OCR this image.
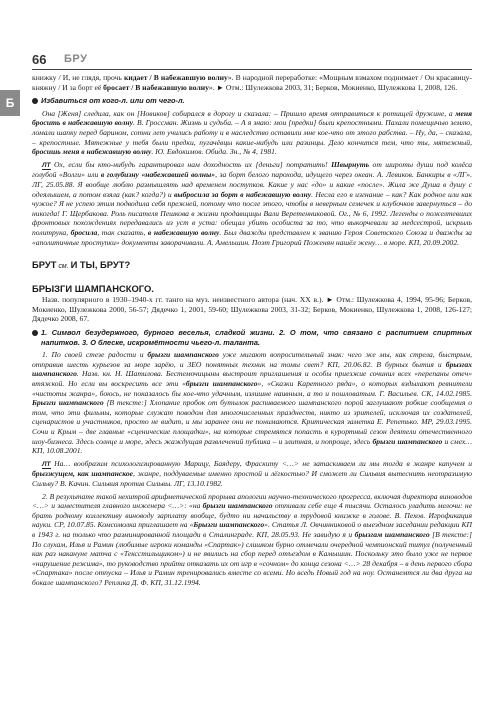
66 БРУ
Б

книжку / И, не глядя, прочь кидает / В набежавшую волну». В народной переработке: «Мощным взмахом поднимает / Он красавицу-княжну / И за борт её бросает / В набежавшую волну». ► Отм.: Шулежкова 2003, 31; Берков, Мокиенко, Шулежкова 1, 2008, 126.

Избавиться от кого-л. или от чего-л.

Она [Женя] следила, как он [Новиков] собирался в дорогу и сказала: – Пришло время отправиться к ротищей дружине, а меня бросить в набежавшую волну. В. Гроссман. Жизнь и судьба. – А я знаю: мои [предки] были крепостными. Пахали помещичью землю, ломали шапку перед барином, сотни лет учились работу и в наследство оставили мне кое-что от этого рабства. – Ну, да, – сказала, – крепостные. Мятежные у тебя были предки, пугачёвцы какие-нибудь или разинцы. Дело кончится тем, что ты, мятежный, бросишь меня в набежавшую волну. Ю. Евдокимов. Обида. Зн., № 4, 1981.

ЛТ Ох, если бы кто-нибудь гарантировал нам доходность их [деньги] потратить! Швырнуть от широты души под колёса голубой «Волги» или в голубизну «набежавшей волны», за борт белого парохода, идущего через океан. А. Левиков. Банкиры в «ЛГ». ЛГ, 25.05.88. Я вообще люблю размышлять над временем поступков. Какие у нас «до» и какие «после». Жила же Душа в душу с одеялышем, а потом взяла (как? когда?) и выбросила за борт в набежавшую волну. Несла его в изгнание – как? Как родное или как чужое? Я не успею этим подводила себя прежней, потому что после этого, чтобы в неверным семечек и клубочков завернуться – до никогда! Г. Щербакова. Роль писателя Пешкова в жизни продавщицы Вали Веретенниковой. Ог., № 6, 1992. Легенды о пожелтевших фронтовых похождениях передавались из уст в уста: обещал убить особиста за то, что выкорчевали за медсестрой, искрыль политрука, бросила, так сказать, в набежавшую волну. Был дважды представлен к званию Героя Советского Союза и дважды за «аполитичные проступки» документы заворачивали. А. Амельшин. Поэт Григорий Поженян нашёл жену… в море. КП, 20.09.2002.

БРУТ см. И ТЫ, БРУТ?
БРЫЗГИ ШАМПАНСКОГО.

Назв. популярного в 1930–1940-х гг. танго на муз. неизвестного автора (нач. XX в.). ► Отм.: Шулежкова 4, 1994, 95-96; Берков, Мокиенко, Шулежкова 2000, 56-57; Дядечко 1, 2001, 59-60; Шулежкова 2003, 31-32; Берков, Мокиенко, Шулежкова 1, 2008, 126-127; Дядечко 2008, 67.

1. Символ безудержного, бурного веселья, сладкой жизни. 2. О том, что связано с распитием спиртных напитков. 3. О блеске, искромётности чьего-л. таланта.

1. По своей стезе радости и брызги шампанского уже мигают вопросительный знак: чего же мы, как стрела, быстрым, отправив шесть курьезов за море зарёю, и ЗЕО понятных техник на томы свет? КП, 20.06.82. В бурных бытия и брызгах шампанского. Назв. кн. Н. Шатилова. Бестемочицыны выстроит приглашения и особы приезжие сочинил всех «перепаны отеч» втяжкой. Но если вы воскресить все эти «брызги шампанского», «Сказки Каретного ряда», о которых вздыхают ревнители «чистоты жанра», боюсь, не показалось бы кое-что удачным, излишне наивным, а то и пошловатым. Г. Васильев. СК, 14.02.1985. Брызги шампанского [В тексте:] Хлопание пробок от бутылок распиваемого шампанского порой заглушают робкие сообщения о том, что эти фильмы, которые служат поводом для многочисленных празднеств, никто из зрителей, исключая их создателей, сценаристов и участников, просто не видит, и мы заранее они не понимаются. Критическая заметка Е. Репетько. МР, 29.03.1995. Сочи и Крым – две главные «сценические площадки», на которые стремятся попасть в курортный сезон деятели отечественного шоу-бизнеса. Здесь солнце и море, здесь жаждущая развлечений публика – и элитная, и попроще, здесь брызги шампанского и смех… КП, 10.08.2001.

ЛТ На… вообразим психологизированную Марицу, Баядеру, Фраскиту <…> не затаскиваем ли мы тогда в жанре капучем и брызжущем, как шампанское, жанре, поддуваемые именно простой и лёгкостью? И сможет ли Сильвия вытеснить неотразимую Сильву? В. Качин. Сильвия против Сильвы. ЛГ, 13.10.1982.

2. В результате такой нехитрой арифметической прорыва апологии научно-технического прогресса, включая директора виноводов <…> и заместителя главного инженера <…>: «на брызги шампанского отпивали себе еще 4 тысячи. Осталось уладить мелочи: не брать родному коллективу виноводу зарплату вообще, будто ни начальству в трудовой книжке в голове. В. Пехов. Игрофикация науки. СР, 10.07.85. Комсомолка приглашает на «Брызги шампанского». Статья Л. Овчинниковой о выездном заседании редакции КП в 1943 г. на только что разминированной площади в Сталинграде. КП, 28.05.93. Не завидую я и брызгам шампанского [В тексте:] По слухам, Илья и Рамин (любимые игроки команды «Спартак») слишком бурно отмечали очередной чемпионский титул (полученный как раз накануне матча с «Тексстильщиком») и не явились на сбор перед отъездом в Камышин. Поскольку это было уже не первое «нарушение режима», то руководство прийти отказать их от игр в «сочном» до конца сезона <…> 28 декабря – в день первого сбора «Спартака» после отпуска – Илья и Рамин тренировались вместе со всеми. Но вседь Новый год на ноу. Останемтся ли два друга на бокале шампанского? Реплика Д. Ф. КП, 31.12.1994.
